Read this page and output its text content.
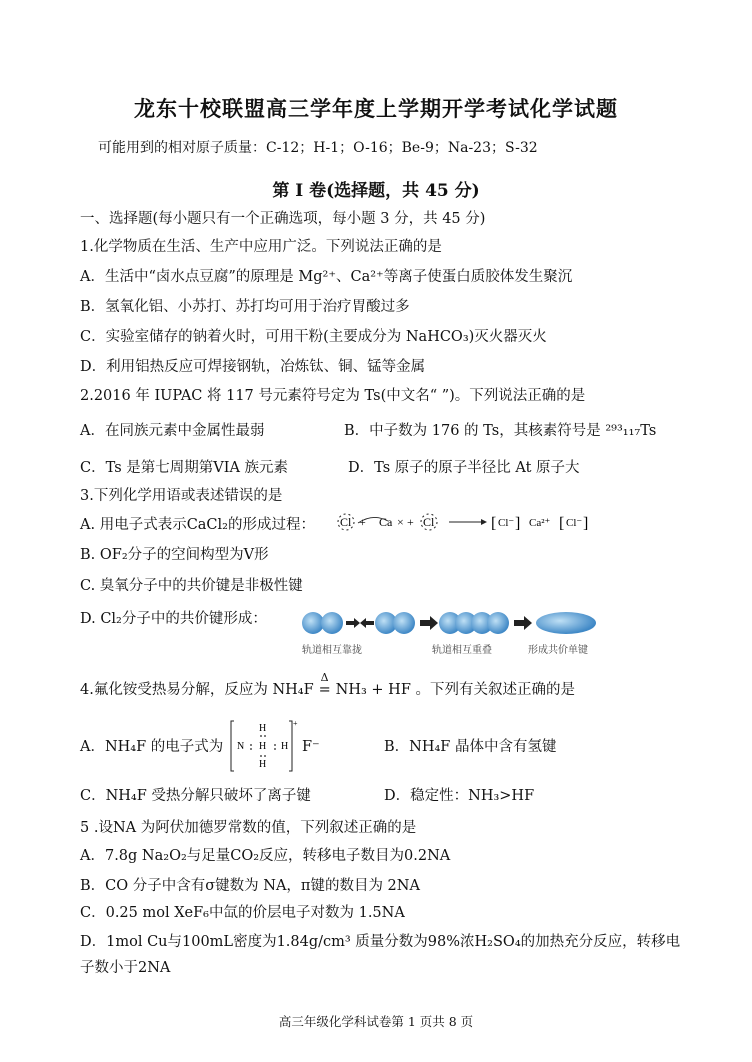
龙东十校联盟高三学年度上学期开学考试化学试题
可能用到的相对原子质量：C-12；H-1；O-16；Be-9；Na-23；S-32
第 I 卷(选择题，共 45 分)
一、选择题(每小题只有一个正确选项，每小题 3 分，共 45 分)
1.化学物质在生活、生产中应用广泛。下列说法正确的是
A．生活中“卤水点豆腐”的原理是 Mg²⁺、Ca²⁺等离子使蛋白质胶体发生聚沉
B．氢氧化铝、小苏打、苏打均可用于治疗胃酸过多
C．实验室储存的钠着火时，可用干粉(主要成分为 NaHCO₃)灭火器灭火
D．利用铝热反应可焊接钢轨，冶炼钛、铜、锰等金属
2.2016 年 IUPAC 将 117 号元素符号定为 Ts(中文名“ ”)。下列说法正确的是
A．在同族元素中金属性最弱	B．中子数为 176 的 Ts，其核素符号是 ²⁹³₁₁₇Ts
C．Ts 是第七周期第VIA 族元素	D．Ts 原子的原子半径比 At 原子大
3.下列化学用语或表述错误的是
A. 用电子式表示CaCl₂的形成过程： Cl + Ca × + Cl	[ Cl⁻ ] Ca²⁺ [ Cl⁻ ]
B. OF₂分子的空间构型为V形
C. 臭氧分子中的共价键是非极性键
D. Cl₂分子中的共价键形成：
轨道相互靠拢	轨道相互重叠	形成共价单键
4.氟化铵受热易分解，反应为 NH₄F
Δ
= NH₃ + HF 。下列有关叙述正确的是
A．NH₄F 的电子式为
H
N H H
H
+
F⁻	B．NH₄F 晶体中含有氢键
C．NH₄F 受热分解只破坏了离子键	D．稳定性：NH₃>HF
5 .设NA 为阿伏加德罗常数的值，下列叙述正确的是
A．7.8g Na₂O₂与足量CO₂反应，转移电子数目为0.2NA
B．CO 分子中含有σ键数为 NA，π键的数目为 2NA
C．0.25 mol XeF₆中氙的价层电子对数为 1.5NA
D．1mol Cu与100mL密度为1.84g/cm³ 质量分数为98%浓H₂SO₄的加热充分反应，转移电
子数小于2NA
高三年级化学科试卷第 1 页共 8 页
